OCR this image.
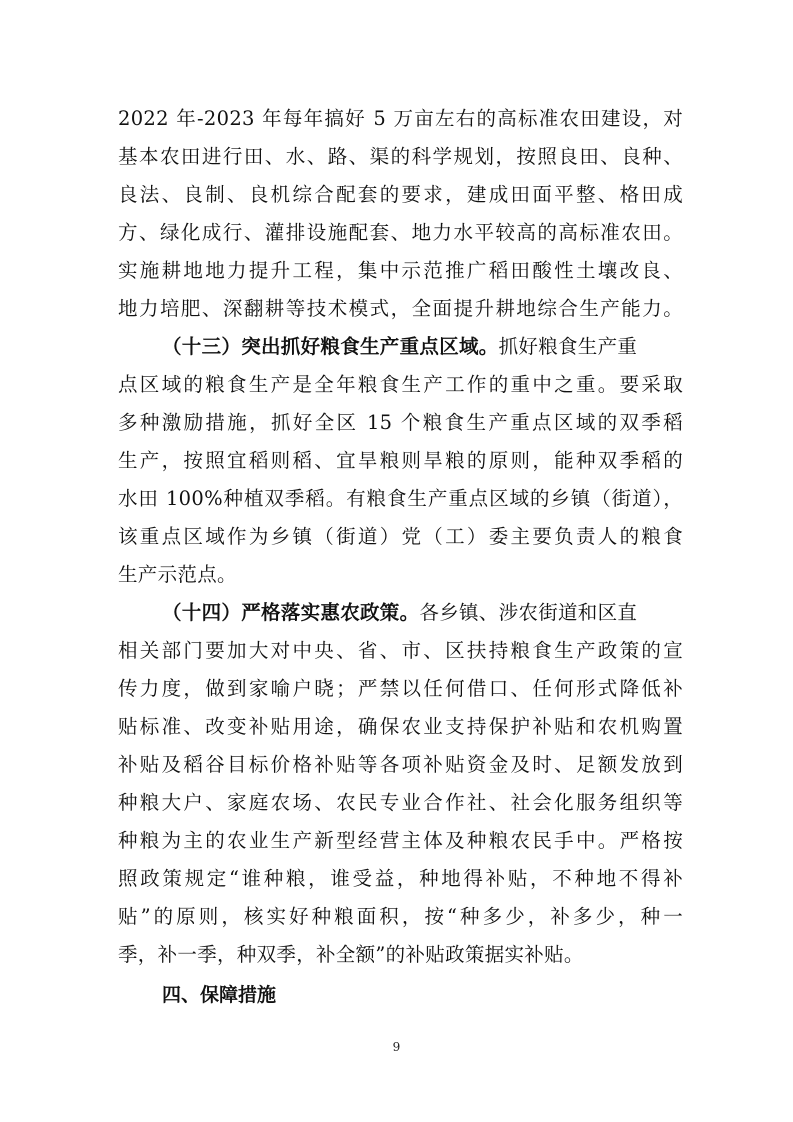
2022 年-2023 年每年搞好 5 万亩左右的高标准农田建设，对
基本农田进行田、水、路、渠的科学规划，按照良田、良种、
良法、良制、良机综合配套的要求，建成田面平整、格田成
方、绿化成行、灌排设施配套、地力水平较高的高标准农田。
实施耕地地力提升工程，集中示范推广稻田酸性土壤改良、
地力培肥、深翻耕等技术模式，全面提升耕地综合生产能力。
（十三）突出抓好粮食生产重点区域。抓好粮食生产重
点区域的粮食生产是全年粮食生产工作的重中之重。要采取
多种激励措施，抓好全区 15 个粮食生产重点区域的双季稻
生产，按照宜稻则稻、宜旱粮则旱粮的原则，能种双季稻的
水田 100%种植双季稻。有粮食生产重点区域的乡镇（街道），
该重点区域作为乡镇（街道）党（工）委主要负责人的粮食
生产示范点。
（十四）严格落实惠农政策。各乡镇、涉农街道和区直
相关部门要加大对中央、省、市、区扶持粮食生产政策的宣
传力度，做到家喻户晓；严禁以任何借口、任何形式降低补
贴标准、改变补贴用途，确保农业支持保护补贴和农机购置
补贴及稻谷目标价格补贴等各项补贴资金及时、足额发放到
种粮大户、家庭农场、农民专业合作社、社会化服务组织等
种粮为主的农业生产新型经营主体及种粮农民手中。严格按
照政策规定“谁种粮，谁受益，种地得补贴，不种地不得补
贴”的原则，核实好种粮面积，按“种多少，补多少，种一
季，补一季，种双季，补全额”的补贴政策据实补贴。
四、保障措施
9
